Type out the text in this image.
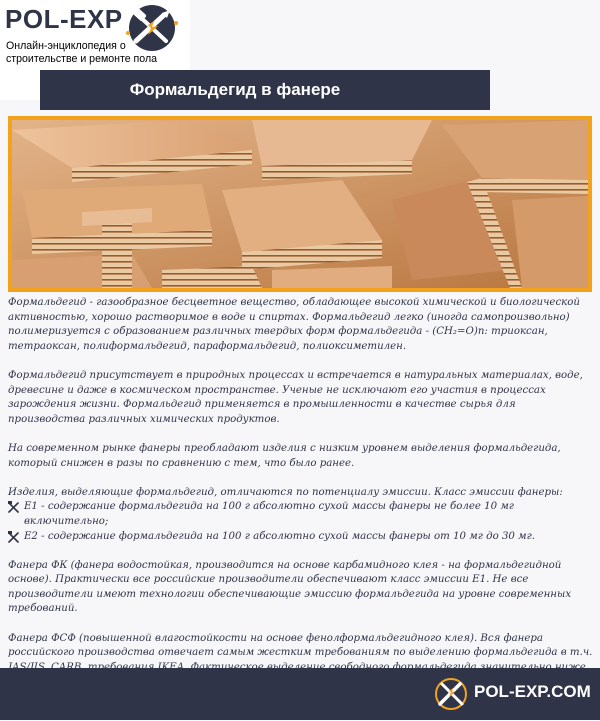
POL-EXP
Онлайн-энциклопедия о строительстве и ремонте пола
Формальдегид в фанере

Формальдегид - газообразное бесцветное вещество, обладающее высокой химической и биологической активностью, хорошо растворимое в воде и спиртах. Формальдегид легко (иногда самопроизвольно) полимеризуется с образованием различных твердых форм формальдегида - (CH₂=O)n: триоксан, тетраоксан, полиформальдегид, параформальдегид, полиоксиметилен.

Формальдегид присутствует в природных процессах и встречается в натуральных материалах, воде, древесине и даже в космическом пространстве. Ученые не исключают его участия в процессах зарождения жизни. Формальдегид применяется в промышленности в качестве сырья для производства различных химических продуктов.

На современном рынке фанеры преобладают изделия с низким уровнем выделения формальдегида, который снижен в разы по сравнению с тем, что было ранее.

Изделия, выделяющие формальдегид, отличаются по потенциалу эмиссии. Класс эмиссии фанеры:
E1 - содержание формальдегида на 100 г абсолютно сухой массы фанеры не более 10 мг включительно;
E2 - содержание формальдегида на 100 г абсолютно сухой массы фанеры от 10 мг до 30 мг.

Фанера ФК (фанера водостойкая, производится на основе карбамидного клея - на формальдегидной основе). Практически все российские производители обеспечивают класс эмиссии E1. Не все производители имеют технологии обеспечивающие эмиссию формальдегида на уровне современных требований.

Фанера ФСФ (повышенной влагостойкости на основе фенолформальдегидного клея). Вся фанера российского производства отвечает самым жестким требованиям по выделению формальдегида в т.ч.

POL-EXP.COM
